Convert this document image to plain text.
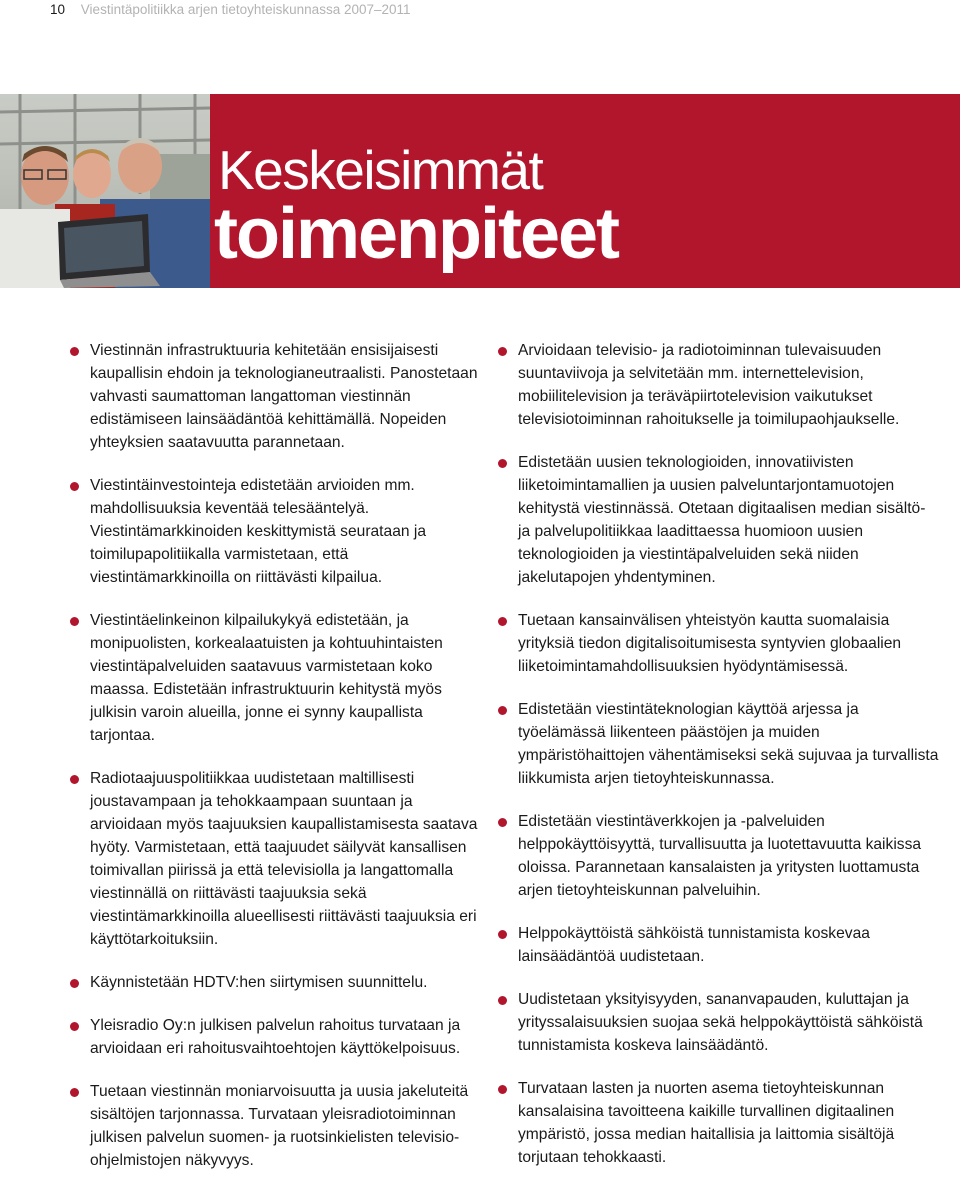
10 Viestintäpolitiikka arjen tietoyhteiskunnassa 2007–2011
Keskeisimmät
toimenpiteet
Viestinnän infrastruktuuria kehitetään ensisijaisesti kaupallisin ehdoin ja teknologianeutraalisti. Panostetaan vahvasti saumattoman langattoman viestinnän edistämiseen lainsäädäntöä kehittämällä. Nopeiden yhteyksien saatavuutta parannetaan.
Viestintäinvestointeja edistetään arvioiden mm. mahdollisuuksia keventää telesääntelyä. Viestintämarkkinoiden keskittymistä seurataan ja toimilupapolitiikalla varmistetaan, että viestintämarkkinoilla on riittävästi kilpailua.
Viestintäelinkeinon kilpailukykyä edistetään, ja monipuolisten, korkealaatuisten ja kohtuuhintaisten viestintäpalveluiden saatavuus varmistetaan koko maassa. Edistetään infrastruktuurin kehitystä myös julkisin varoin alueilla, jonne ei synny kaupallista tarjontaa.
Radiotaajuuspolitiikkaa uudistetaan maltillisesti joustavampaan ja tehokkaampaan suuntaan ja arvioidaan myös taajuuksien kaupallistamisesta saatava hyöty. Varmistetaan, että taajuudet säilyvät kansallisen toimivallan piirissä ja että televisiolla ja langattomalla viestinnällä on riittävästi taajuuksia sekä viestintämarkkinoilla alueellisesti riittävästi taajuuksia eri käyttötarkoituksiin.
Käynnistetään HDTV:hen siirtymisen suunnittelu.
Yleisradio Oy:n julkisen palvelun rahoitus turvataan ja arvioidaan eri rahoitusvaihtoehtojen käyttökelpoisuus.
Tuetaan viestinnän moniarvoisuutta ja uusia jakeluteitä sisältöjen tarjonnassa. Turvataan yleisradiotoiminnan julkisen palvelun suomen- ja ruotsinkielisten televisioohjelmistojen näkyvyys.
Arvioidaan televisio- ja radiotoiminnan tulevaisuuden suuntaviivoja ja selvitetään mm. internettelevision, mobiilitelevision ja teräväpiirtotelevision vaikutukset televisiotoiminnan rahoitukselle ja toimilupaohjaukselle.
Edistetään uusien teknologioiden, innovatiivisten liiketoimintamallien ja uusien palveluntarjontamuotojen kehitystä viestinnässä. Otetaan digitaalisen median sisältö- ja palvelupolitiikkaa laadittaessa huomioon uusien teknologioiden ja viestintäpalveluiden sekä niiden jakelutapojen yhdentyminen.
Tuetaan kansainvälisen yhteistyön kautta suomalaisia yrityksiä tiedon digitalisoitumisesta syntyvien globaalien liiketoimintamahdollisuuksien hyödyntämisessä.
Edistetään viestintäteknologian käyttöä arjessa ja työelämässä liikenteen päästöjen ja muiden ympäristöhaittojen vähentämiseksi sekä sujuvaa ja turvallista liikkumista arjen tietoyhteiskunnassa.
Edistetään viestintäverkkojen ja -palveluiden helppokäyttöisyyttä, turvallisuutta ja luotettavuutta kaikissa oloissa. Parannetaan kansalaisten ja yritysten luottamusta arjen tietoyhteiskunnan palveluihin.
Helppokäyttöistä sähköistä tunnistamista koskevaa lainsäädäntöä uudistetaan.
Uudistetaan yksityisyyden, sananvapauden, kuluttajan ja yrityssalaisuuksien suojaa sekä helppokäyttöistä sähköistä tunnistamista koskeva lainsäädäntö.
Turvataan lasten ja nuorten asema tietoyhteiskunnan kansalaisina tavoitteena kaikille turvallinen digitaalinen ympäristö, jossa median haitallisia ja laittomia sisältöjä torjutaan tehokkaasti.
